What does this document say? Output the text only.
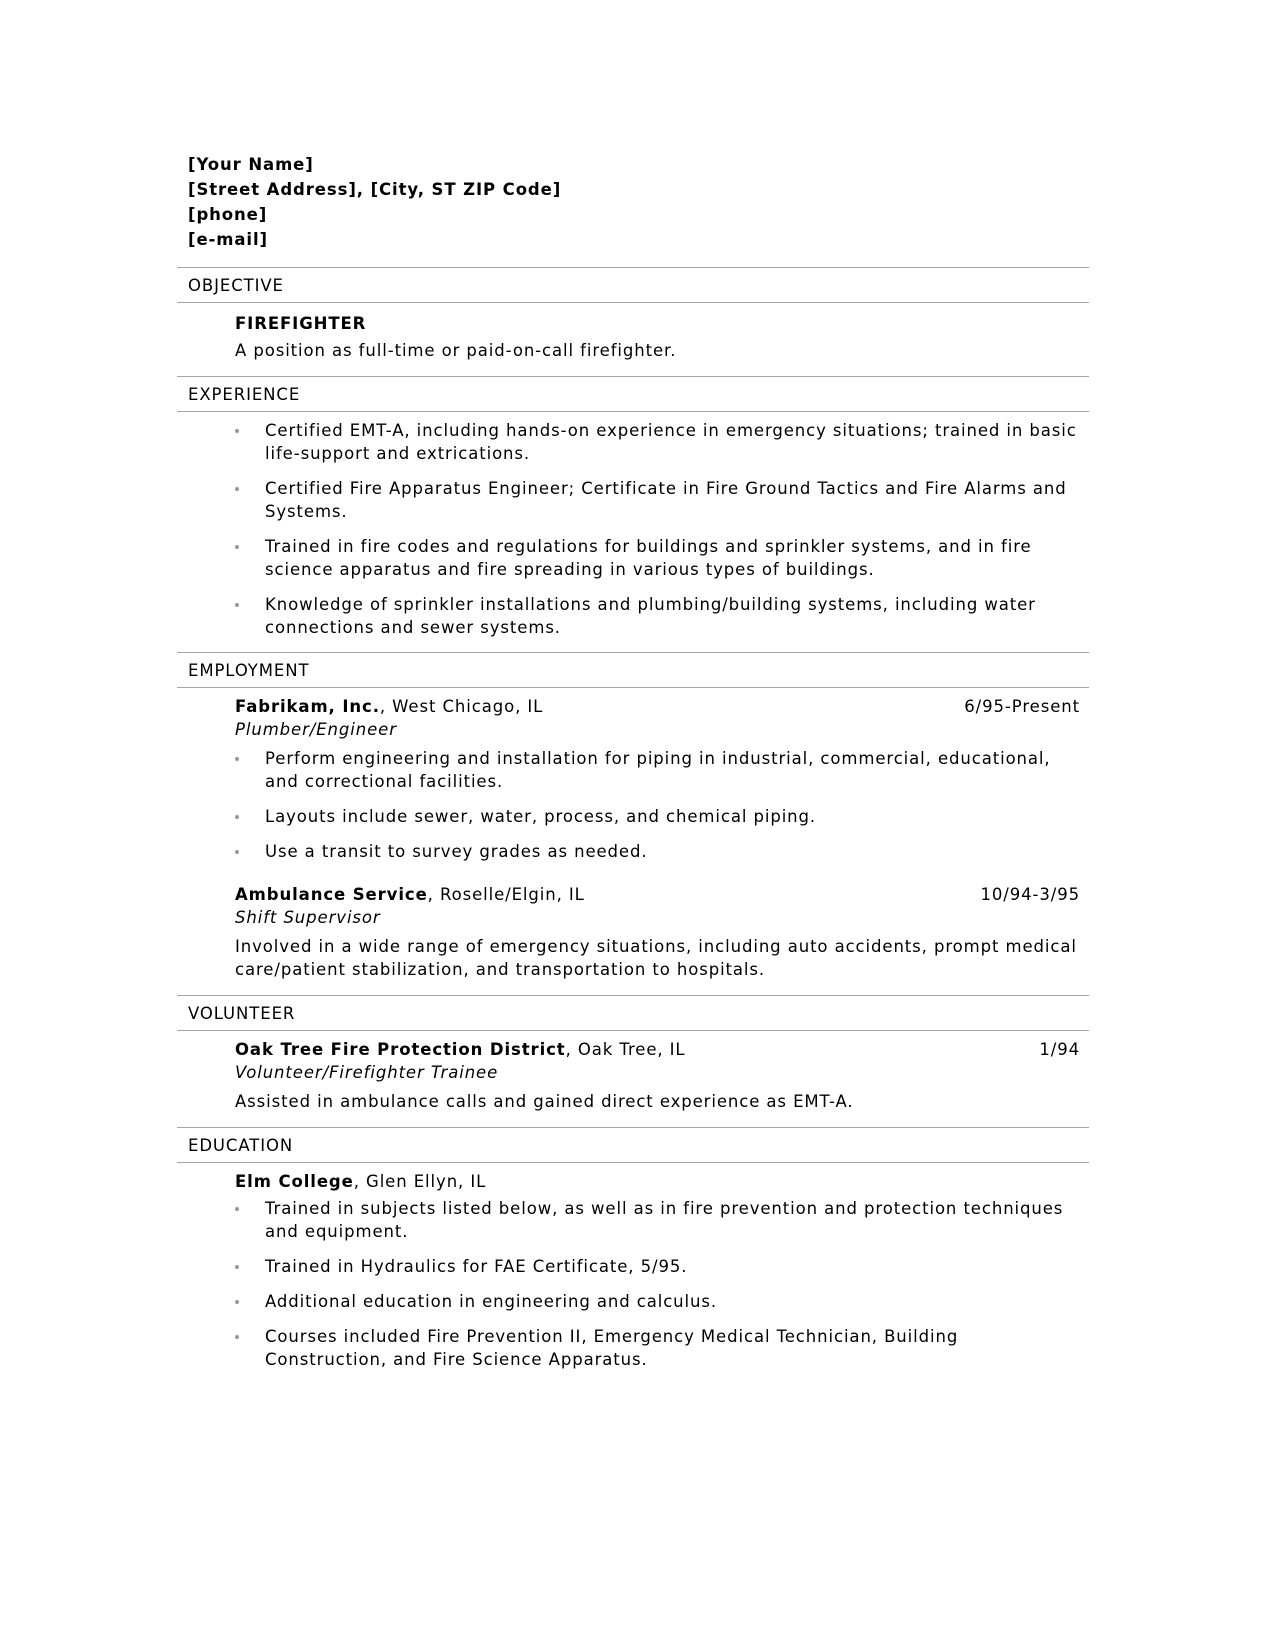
[Your Name]
[Street Address], [City, ST ZIP Code]
[phone]
[e-mail]
OBJECTIVE
FIREFIGHTER
A position as full-time or paid-on-call firefighter.
EXPERIENCE
Certified EMT-A, including hands-on experience in emergency situations; trained in basic life-support and extrications.
Certified Fire Apparatus Engineer; Certificate in Fire Ground Tactics and Fire Alarms and Systems.
Trained in fire codes and regulations for buildings and sprinkler systems, and in fire science apparatus and fire spreading in various types of buildings.
Knowledge of sprinkler installations and plumbing/building systems, including water connections and sewer systems.
EMPLOYMENT
Fabrikam, Inc., West Chicago, IL	6/95-Present
Plumber/Engineer
Perform engineering and installation for piping in industrial, commercial, educational, and correctional facilities.
Layouts include sewer, water, process, and chemical piping.
Use a transit to survey grades as needed.
Ambulance Service, Roselle/Elgin, IL	10/94-3/95
Shift Supervisor
Involved in a wide range of emergency situations, including auto accidents, prompt medical care/patient stabilization, and transportation to hospitals.
VOLUNTEER
Oak Tree Fire Protection District, Oak Tree, IL	1/94
Volunteer/Firefighter Trainee
Assisted in ambulance calls and gained direct experience as EMT-A.
EDUCATION
Elm College, Glen Ellyn, IL
Trained in subjects listed below, as well as in fire prevention and protection techniques and equipment.
Trained in Hydraulics for FAE Certificate, 5/95.
Additional education in engineering and calculus.
Courses included Fire Prevention II, Emergency Medical Technician, Building Construction, and Fire Science Apparatus.
